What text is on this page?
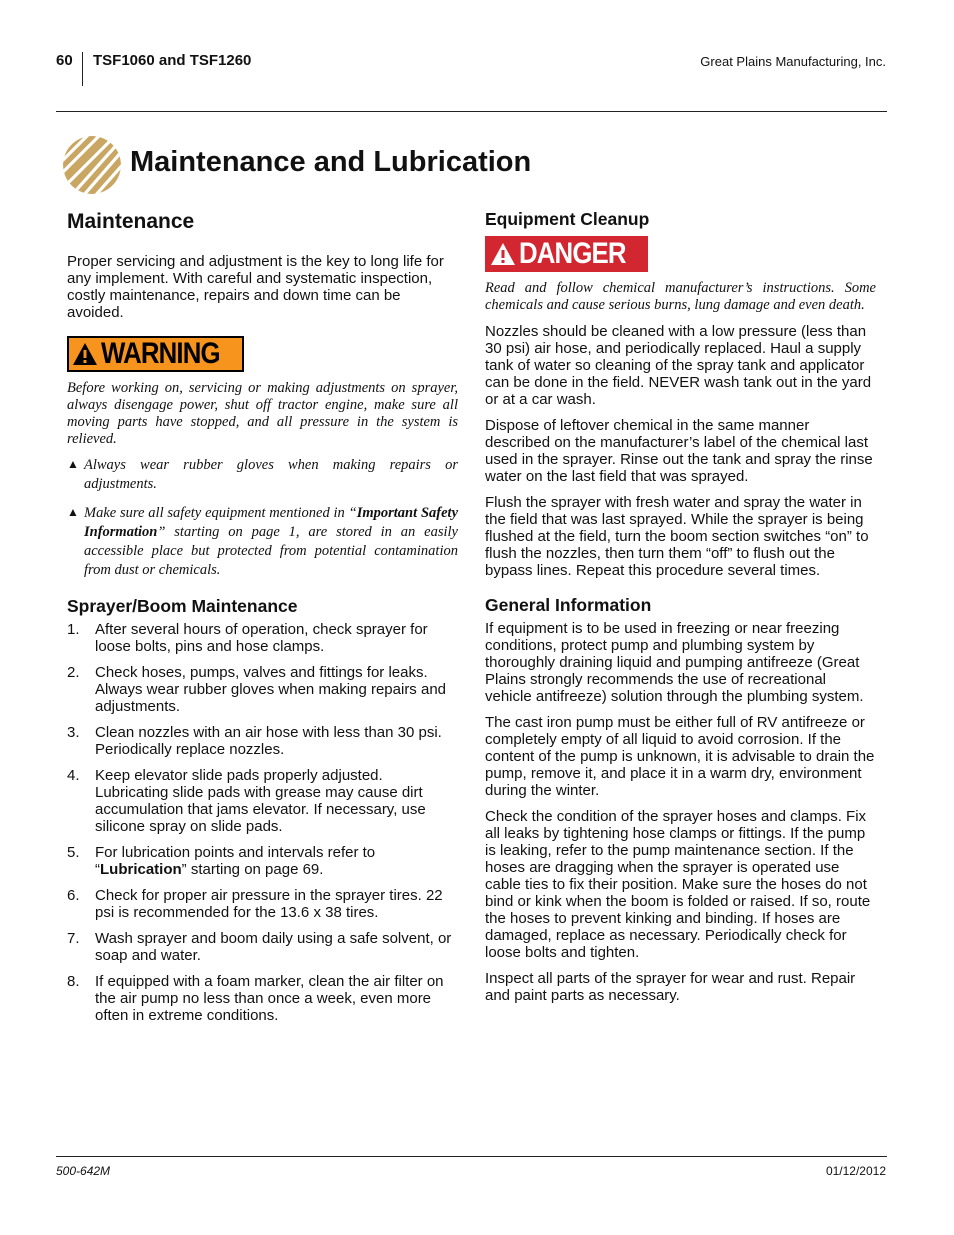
60 TSF1060 and TSF1260	Great Plains Manufacturing, Inc.
Maintenance and Lubrication
Maintenance

Proper servicing and adjustment is the key to long life for any implement. With careful and systematic inspection, costly maintenance, repairs and down time can be avoided.

WARNING

Before working on, servicing or making adjustments on sprayer, always disengage power, shut off tractor engine, make sure all moving parts have stopped, and all pressure in the system is relieved.

▲ Always wear rubber gloves when making repairs or adjustments.
▲ Make sure all safety equipment mentioned in “Important Safety Information” starting on page 1, are stored in an easily accessible place but protected from potential contamination from dust or chemicals.
Sprayer/Boom Maintenance
1.	After several hours of operation, check sprayer for loose bolts, pins and hose clamps.
2.	Check hoses, pumps, valves and fittings for leaks. Always wear rubber gloves when making repairs and adjustments.
3.	Clean nozzles with an air hose with less than 30 psi. Periodically replace nozzles.
4.	Keep elevator slide pads properly adjusted. Lubricating slide pads with grease may cause dirt accumulation that jams elevator. If necessary, use silicone spray on slide pads.
5.	For lubrication points and intervals refer to “Lubrication” starting on page 69.
6.	Check for proper air pressure in the sprayer tires. 22 psi is recommended for the 13.6 x 38 tires.
7.	Wash sprayer and boom daily using a safe solvent, or soap and water.
8.	If equipped with a foam marker, clean the air filter on the air pump no less than once a week, even more often in extreme conditions.
Equipment Cleanup
DANGER

Read and follow chemical manufacturer’s instructions. Some chemicals and cause serious burns, lung damage and even death.

Nozzles should be cleaned with a low pressure (less than 30 psi) air hose, and periodically replaced. Haul a supply tank of water so cleaning of the spray tank and applicator can be done in the field. NEVER wash tank out in the yard or at a car wash.

Dispose of leftover chemical in the same manner described on the manufacturer’s label of the chemical last used in the sprayer. Rinse out the tank and spray the rinse water on the last field that was sprayed.

Flush the sprayer with fresh water and spray the water in the field that was last sprayed. While the sprayer is being flushed at the field, turn the boom section switches “on” to flush the nozzles, then turn them “off” to flush out the bypass lines. Repeat this procedure several times.

General Information

If equipment is to be used in freezing or near freezing conditions, protect pump and plumbing system by thoroughly draining liquid and pumping antifreeze (Great Plains strongly recommends the use of recreational vehicle antifreeze) solution through the plumbing system.

The cast iron pump must be either full of RV antifreeze or completely empty of all liquid to avoid corrosion. If the content of the pump is unknown, it is advisable to drain the pump, remove it, and place it in a warm dry, environment during the winter.

Check the condition of the sprayer hoses and clamps. Fix all leaks by tightening hose clamps or fittings. If the pump is leaking, refer to the pump maintenance section. If the hoses are dragging when the sprayer is operated use cable ties to fix their position. Make sure the hoses do not bind or kink when the boom is folded or raised. If so, route the hoses to prevent kinking and binding. If hoses are damaged, replace as necessary. Periodically check for loose bolts and tighten.

Inspect all parts of the sprayer for wear and rust. Repair and paint parts as necessary.

500-642M	01/12/2012
